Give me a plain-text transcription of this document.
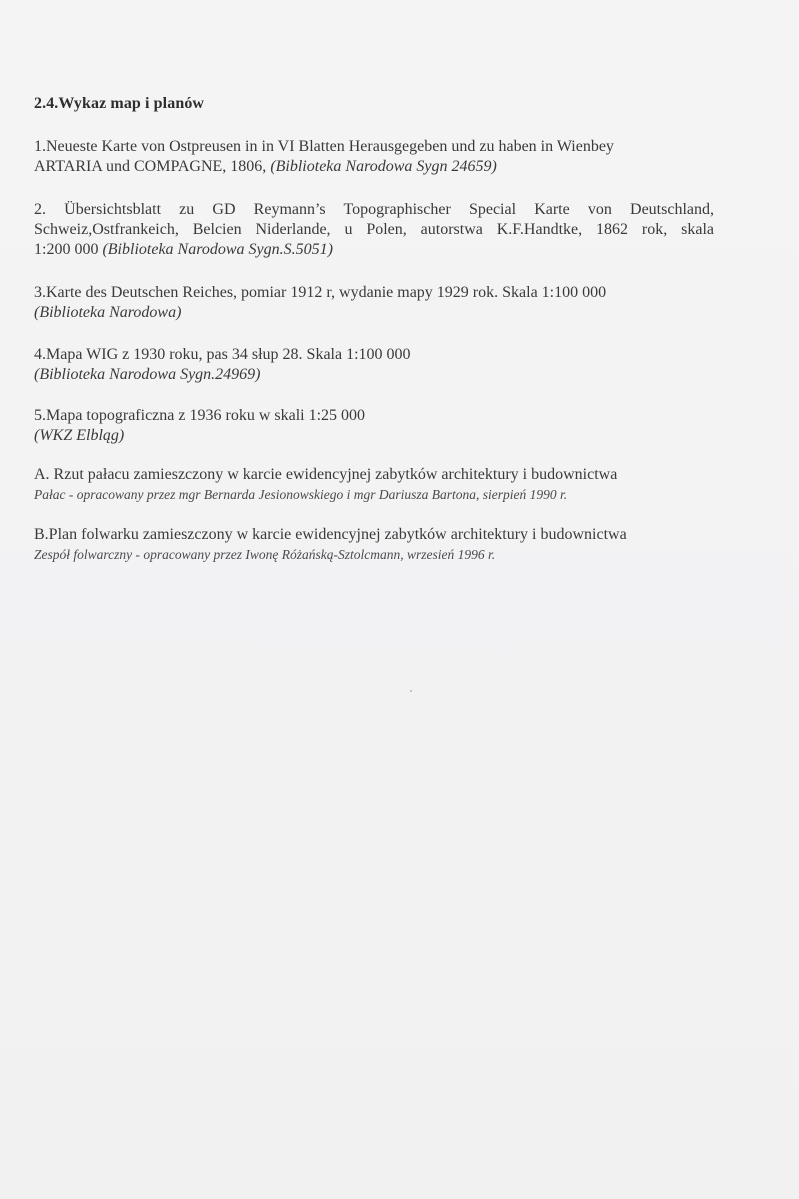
2.4.Wykaz map i planów
1.Neueste Karte von Ostpreusen in in VI Blatten Herausgegeben und zu haben in Wienbey
ARTARIA und COMPAGNE, 1806, (Biblioteka Narodowa Sygn 24659)
2. Übersichtsblatt zu GD Reymann’s Topographischer Special Karte von Deutschland,
Schweiz,Ostfrankeich, Belcien Niderlande, u Polen, autorstwa K.F.Handtke, 1862 rok, skala
1:200 000 (Biblioteka Narodowa Sygn.S.5051)
3.Karte des Deutschen Reiches, pomiar 1912 r, wydanie mapy 1929 rok. Skala 1:100 000
(Biblioteka Narodowa)
4.Mapa WIG z 1930 roku, pas 34 słup 28. Skala 1:100 000
(Biblioteka Narodowa Sygn.24969)
5.Mapa topograficzna z 1936 roku w skali 1:25 000
(WKZ Elbląg)
A. Rzut pałacu zamieszczony w karcie ewidencyjnej zabytków architektury i budownictwa
Pałac - opracowany przez mgr Bernarda Jesionowskiego i mgr Dariusza Bartona, sierpień 1990 r.
B.Plan folwarku zamieszczony w karcie ewidencyjnej zabytków architektury i budownictwa
Zespół folwarczny - opracowany przez Iwonę Różańską-Sztolcmann, wrzesień 1996 r.
